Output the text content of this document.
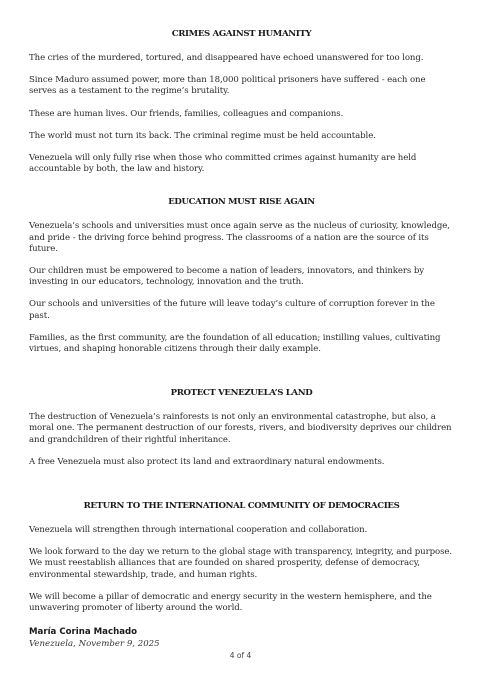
CRIMES AGAINST HUMANITY

The cries of the murdered, tortured, and disappeared have echoed unanswered for too long.

Since Maduro assumed power, more than 18,000 political prisoners have suffered - each one serves as a testament to the regime’s brutality.

These are human lives. Our friends, families, colleagues and companions.

The world must not turn its back. The criminal regime must be held accountable.

Venezuela will only fully rise when those who committed crimes against humanity are held accountable by both, the law and history.

EDUCATION MUST RISE AGAIN

Venezuela’s schools and universities must once again serve as the nucleus of curiosity, knowledge, and pride - the driving force behind progress. The classrooms of a nation are the source of its future.

Our children must be empowered to become a nation of leaders, innovators, and thinkers by investing in our educators, technology, innovation and the truth.

Our schools and universities of the future will leave today’s culture of corruption forever in the past.

Families, as the first community, are the foundation of all education; instilling values, cultivating virtues, and shaping honorable citizens through their daily example.

PROTECT VENEZUELA’S LAND

The destruction of Venezuela’s rainforests is not only an environmental catastrophe, but also, a moral one. The permanent destruction of our forests, rivers, and biodiversity deprives our children and grandchildren of their rightful inheritance.

A free Venezuela must also protect its land and extraordinary natural endowments.

RETURN TO THE INTERNATIONAL COMMUNITY OF DEMOCRACIES

Venezuela will strengthen through international cooperation and collaboration.

We look forward to the day we return to the global stage with transparency, integrity, and purpose. We must reestablish alliances that are founded on shared prosperity, defense of democracy, environmental stewardship, trade, and human rights.

We will become a pillar of democratic and energy security in the western hemisphere, and the unwavering promoter of liberty around the world.

María Corina Machado
Venezuela, November 9, 2025
4 of 4
